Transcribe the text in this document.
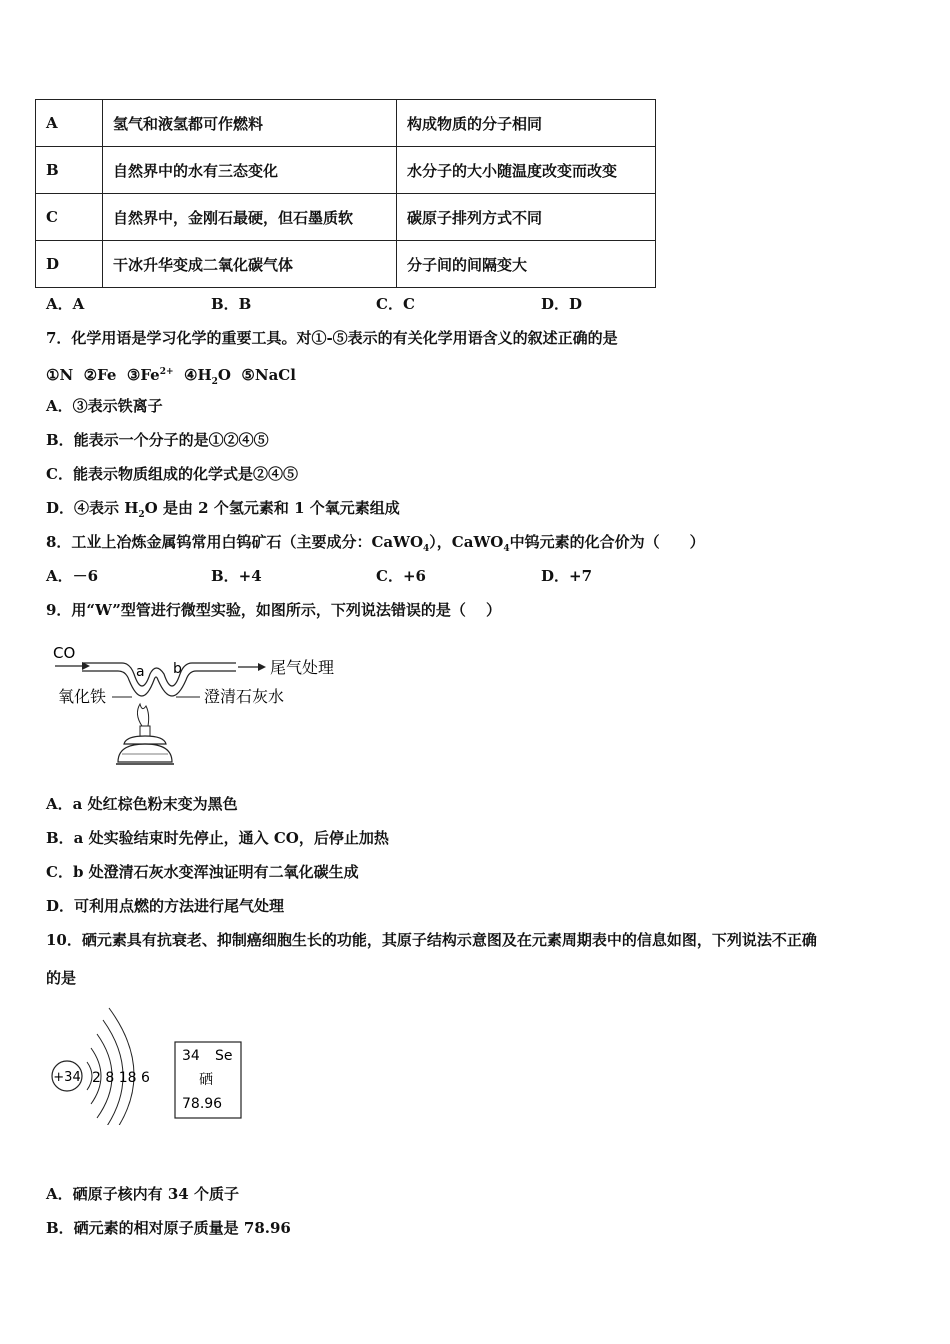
A	氢气和液氢都可作燃料	构成物质的分子相同
B	自然界中的水有三态变化	水分子的大小随温度改变而改变
C	自然界中，金刚石最硬，但石墨质软	碳原子排列方式不同
D	干冰升华变成二氧化碳气体	分子间的间隔变大
A．A	B．B	C．C	D．D
7．化学用语是学习化学的重要工具。对①-⑤表示的有关化学用语含义的叙述正确的是
①N ②Fe $③Fe^{2+}$ $④H_2O$ ⑤NaCl
A．③表示铁离子
B．能表示一个分子的是①②④⑤
C．能表示物质组成的化学式是②④⑤
D．④表示 $H_2O$ 是由 2 个氢元素和 1 个氧元素组成
8．工业上冶炼金属钨常用白钨矿石（主要成分：CaWO$_4$），CaWO$_4$中钨元素的化合价为（　　）
A．－6	B．+4	C．+6	D．+7
9．用“W”型管进行微型实验，如图所示，下列说法错误的是（　 ）
CO
a b	尾气处理
氧化铁	澄清石灰水
A．a 处红棕色粉末变为黑色
B．a 处实验结束时先停止，通入 CO，后停止加热
C．b 处澄清石灰水变浑浊证明有二氧化碳生成
D．可利用点燃的方法进行尾气处理
10．硒元素具有抗衰老、抑制癌细胞生长的功能，其原子结构示意图及在元素周期表中的信息如图，下列说法不正确
的是
+34 2 8 18 6
34 Se
硒
78.96
A．硒原子核内有 34 个质子
B．硒元素的相对原子质量是 78.96
